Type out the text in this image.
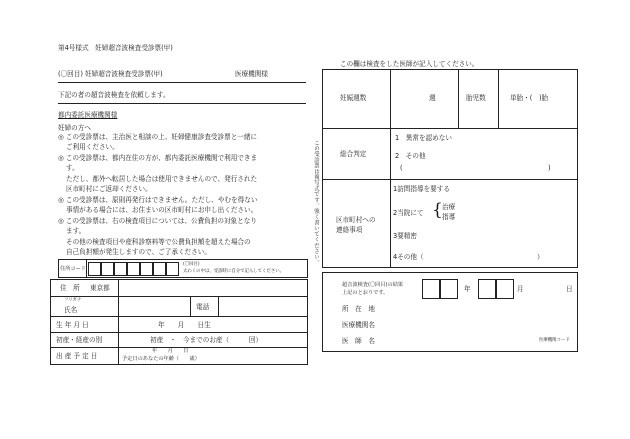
第4号様式　妊婦超音波検査受診票(甲)
(〇回目) 妊婦超音波検査受診票(甲)	医療機関様
下記の者の超音波検査を依頼します。
都内委託医療機関様
妊婦の方へ
◎ この受診票は、主治医と相談の上、妊婦健康診査受診票と一緒に
ご利用ください。
◎ この受診票は、都内在住の方が、都内委託医療機関で利用できま
す。
ただし、都外へ転居した場合は使用できませんので、発行された
区市町村にご返却ください。
◎ この受診票は、原則再発行はできません。ただし、やむを得ない
事情がある場合には、お住まいの区市町村にお申し出ください。
◎ この受診票は、右の検査項目については、公費負担の対象となり
ます。
その他の検査項目や産科診察料等で公費負担額を超えた場合の
自己負担額が発生しますので、ご了承ください。
住所コード
(〇回目)
太わくの中は、受診時に自分で記入してください。
住　所 東京都
フリガナ
氏名	電話
生 年 月 日	年　　月　　日生
初産・経産の別	初産　・　今までのお産（　　　回）
出 産 予 定 日
年　　月　　日
予定日のあなたの年齢（　　歳）
この受診票は複写式です。強く書いてください。
この欄は検査をした医師が記入してください。
妊娠週数	週	胎児数	単胎・(　)胎
総合判定
1　異常を認めない
2　その他
(	)
区市町村への
連絡事項
1訪問指導を要する
2当院にて { 治療
指導
3要精密
4その他（	）
超音波検査(〇回目)の結果
上記のとおりです。	年	月	日
所　在　地
医療機関名
医　師　名	医療機関コード
